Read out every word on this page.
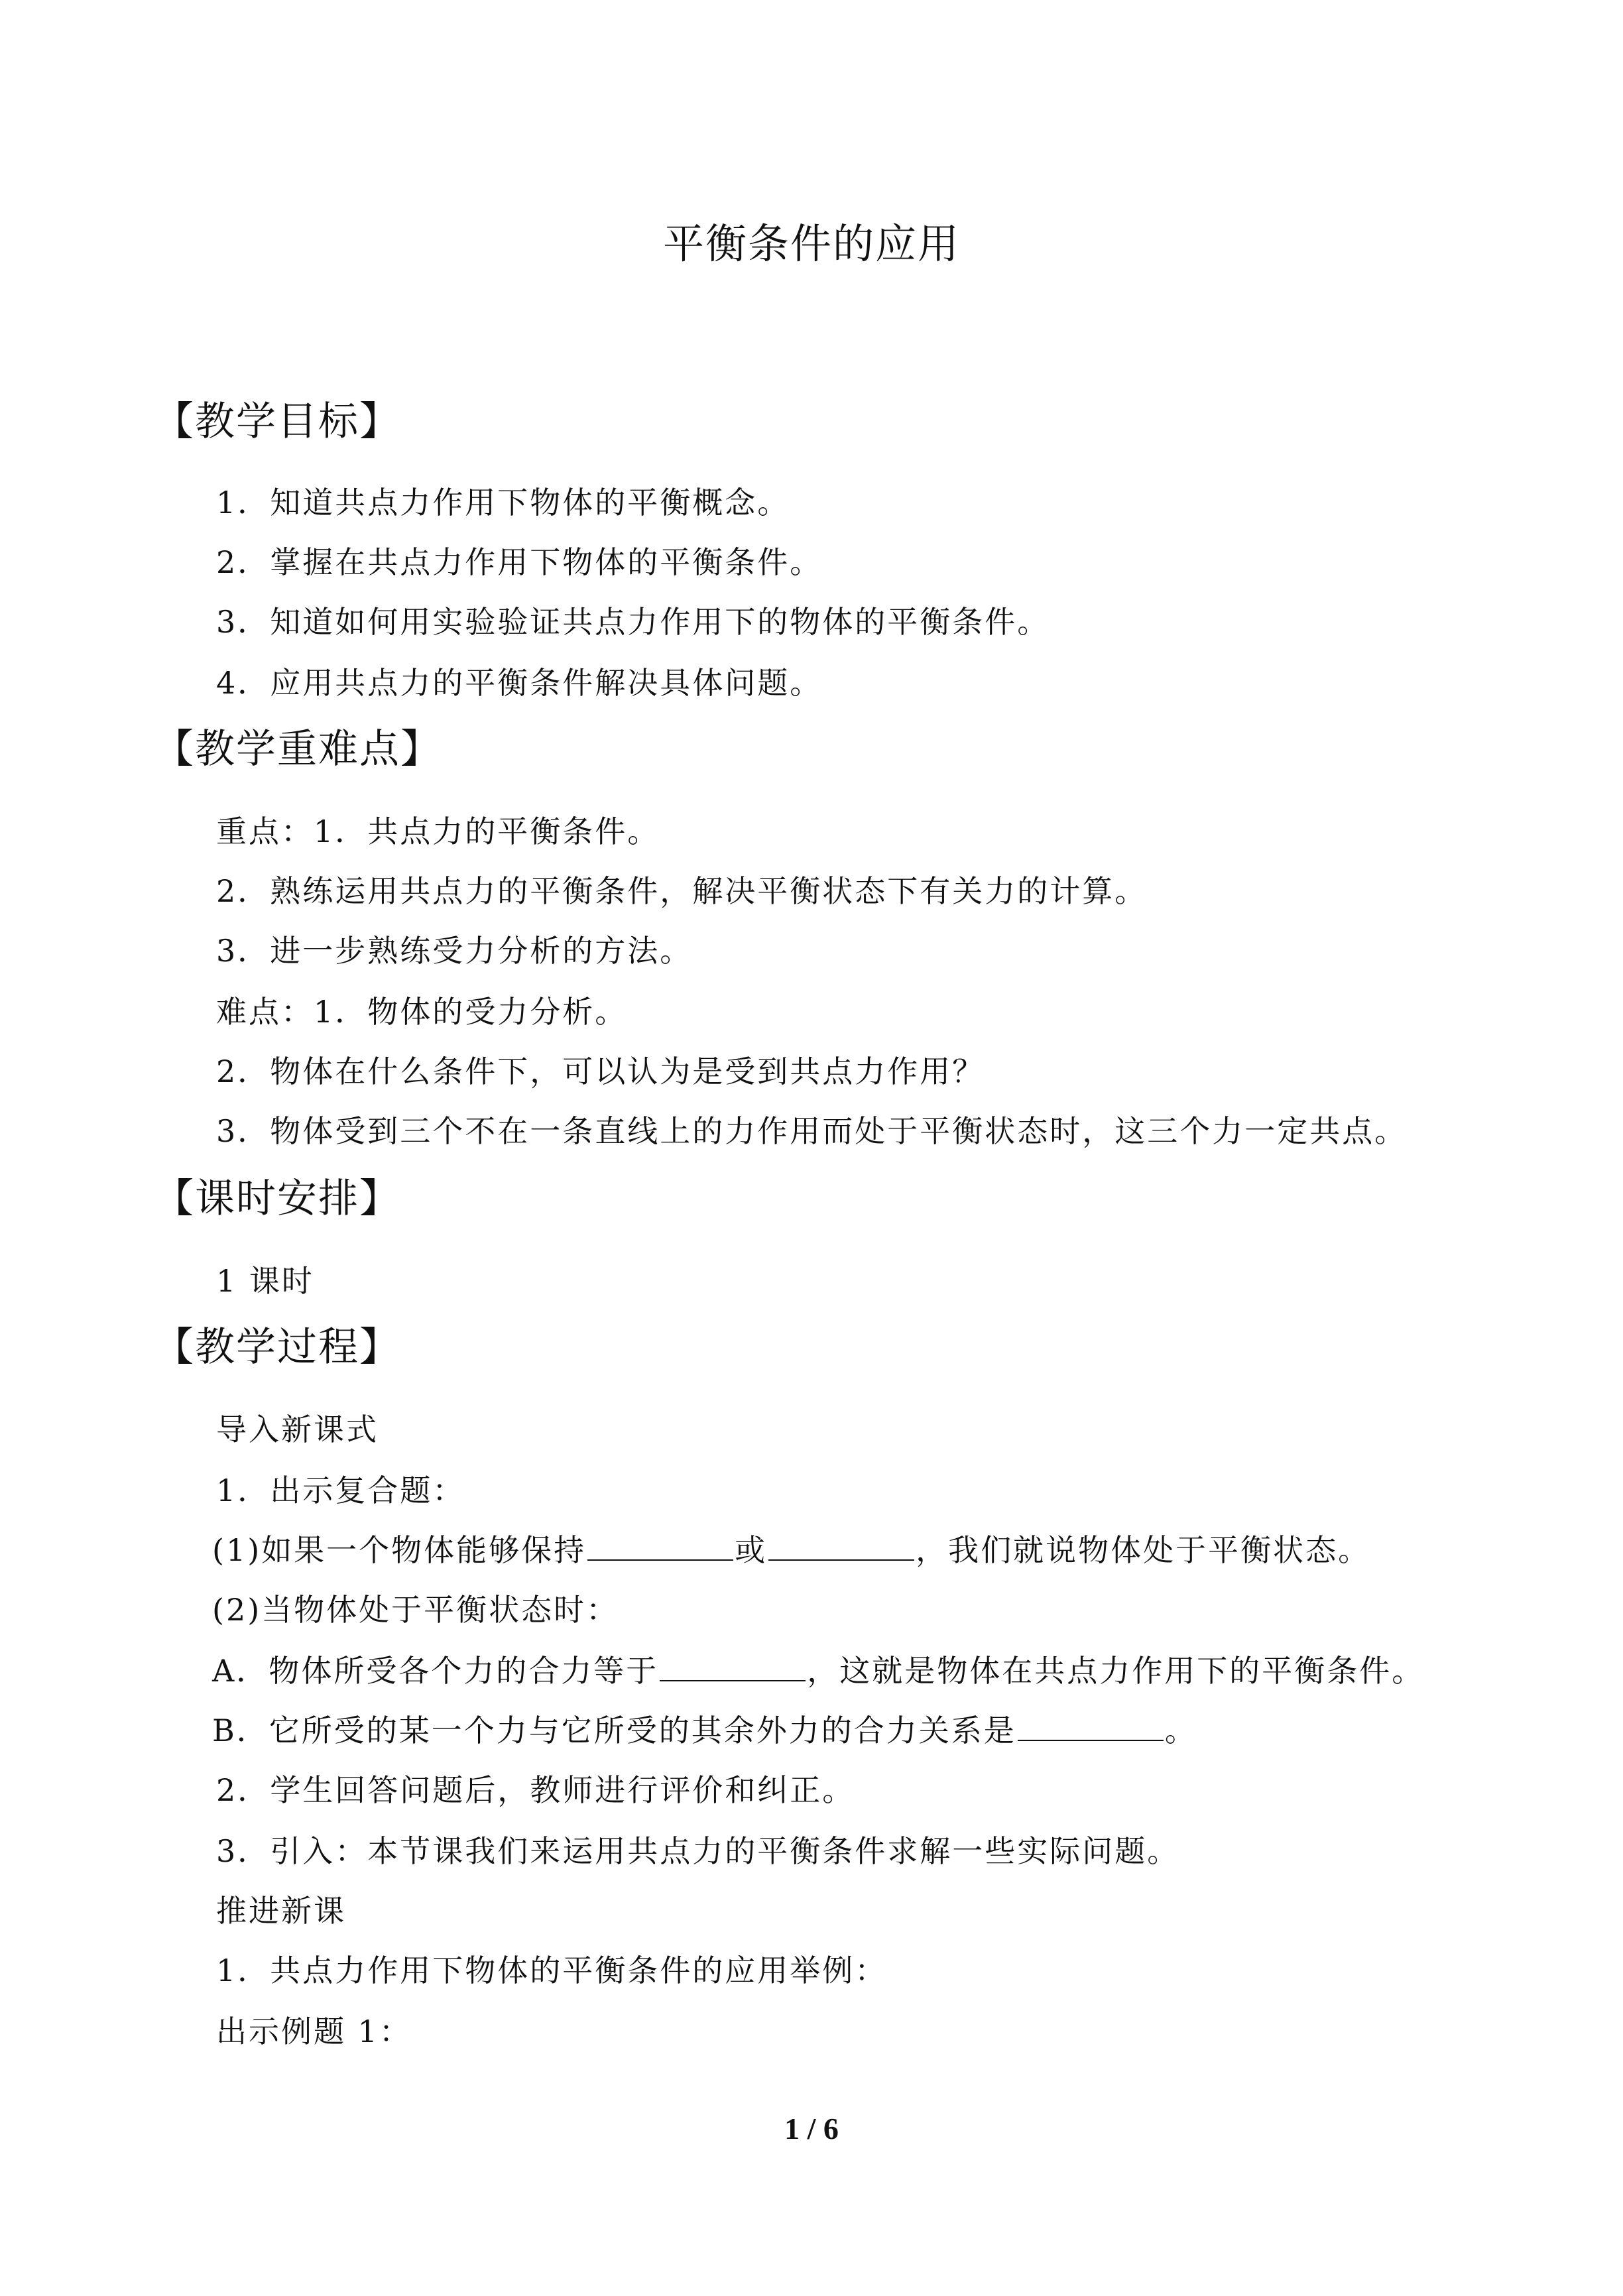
平衡条件的应用
【教学目标】
1．知道共点力作用下物体的平衡概念。
2．掌握在共点力作用下物体的平衡条件。
3．知道如何用实验验证共点力作用下的物体的平衡条件。
4．应用共点力的平衡条件解决具体问题。
【教学重难点】
重点：1．共点力的平衡条件。
2．熟练运用共点力的平衡条件，解决平衡状态下有关力的计算。
3．进一步熟练受力分析的方法。
难点：1．物体的受力分析。
2．物体在什么条件下，可以认为是受到共点力作用？
3．物体受到三个不在一条直线上的力作用而处于平衡状态时，这三个力一定共点。
【课时安排】
1 课时
【教学过程】
导入新课式
1．出示复合题：
(1)如果一个物体能够保持	或	，我们就说物体处于平衡状态。
(2)当物体处于平衡状态时：
A．物体所受各个力的合力等于	，这就是物体在共点力作用下的平衡条件。
B．它所受的某一个力与它所受的其余外力的合力关系是	。
2．学生回答问题后，教师进行评价和纠正。
3．引入：本节课我们来运用共点力的平衡条件求解一些实际问题。
推进新课
1．共点力作用下物体的平衡条件的应用举例：
出示例题 1：
1 / 6
